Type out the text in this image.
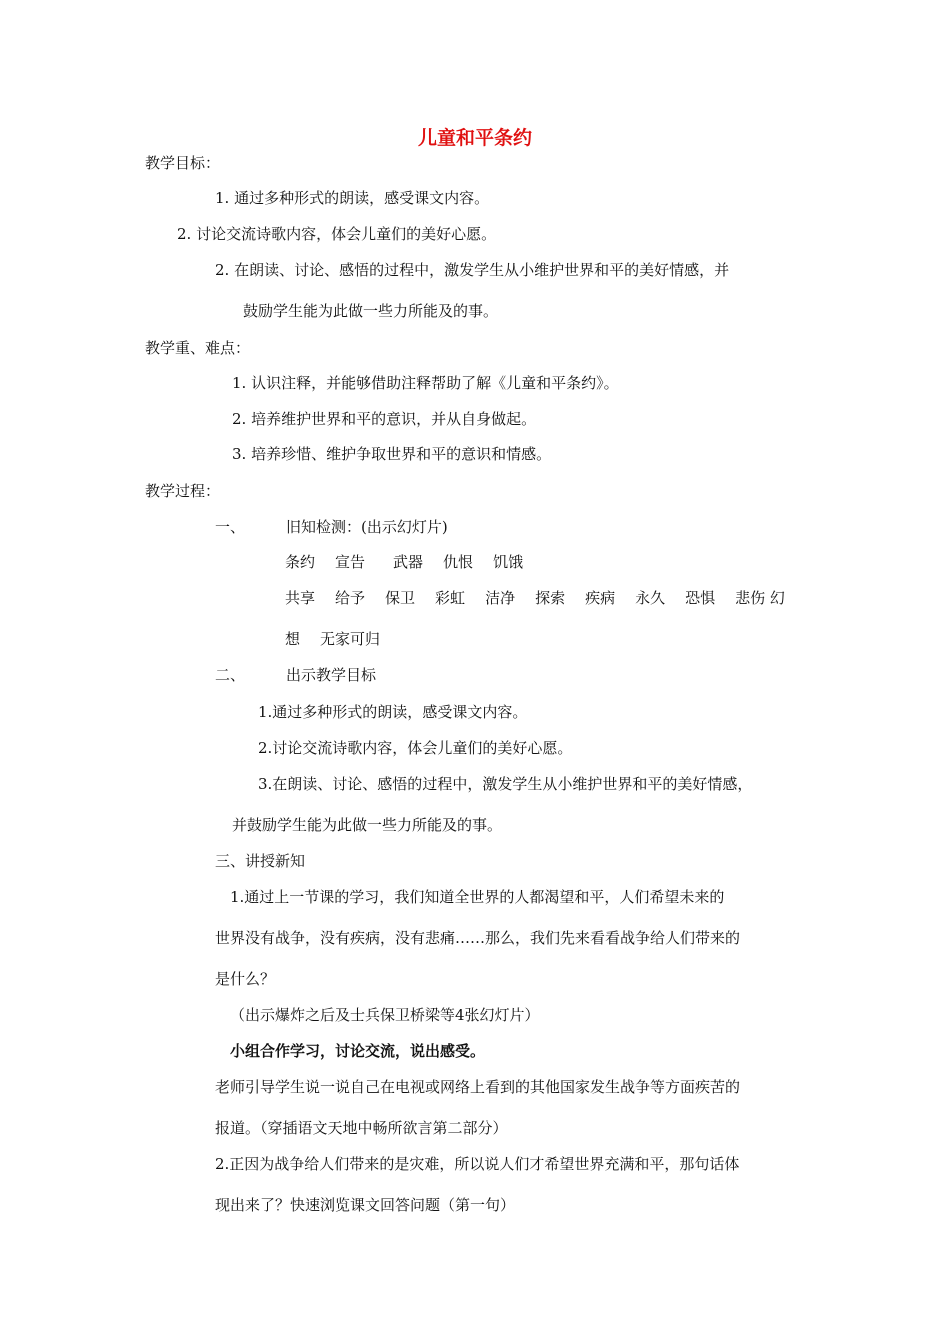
儿童和平条约
教学目标：
1. 通过多种形式的朗读，感受课文内容。
2. 讨论交流诗歌内容，体会儿童们的美好心愿。
2. 在朗读、讨论、感悟的过程中，激发学生从小维护世界和平的美好情感，并
鼓励学生能为此做一些力所能及的事。
教学重、难点：
1. 认识注释，并能够借助注释帮助了解《儿童和平条约》。
2. 培养维护世界和平的意识，并从自身做起。
3. 培养珍惜、维护争取世界和平的意识和情感。
教学过程：
一、	旧知检测：(出示幻灯片)
条约 宣告 武器 仇恨 饥饿
共享 给予 保卫 彩虹 洁净 探索 疾病 永久 恐惧 悲伤 幻
想 无家可归
二、	出示教学目标
1.通过多种形式的朗读，感受课文内容。
2.讨论交流诗歌内容，体会儿童们的美好心愿。
3.在朗读、讨论、感悟的过程中，激发学生从小维护世界和平的美好情感，
并鼓励学生能为此做一些力所能及的事。
三、讲授新知
1.通过上一节课的学习，我们知道全世界的人都渴望和平，人们希望未来的
世界没有战争，没有疾病，没有悲痛……那么，我们先来看看战争给人们带来的
是什么？
（出示爆炸之后及士兵保卫桥梁等4张幻灯片）
小组合作学习，讨论交流，说出感受。
老师引导学生说一说自己在电视或网络上看到的其他国家发生战争等方面疾苦的
报道。（穿插语文天地中畅所欲言第二部分）
2.正因为战争给人们带来的是灾难，所以说人们才希望世界充满和平，那句话体
现出来了？快速浏览课文回答问题（第一句）
